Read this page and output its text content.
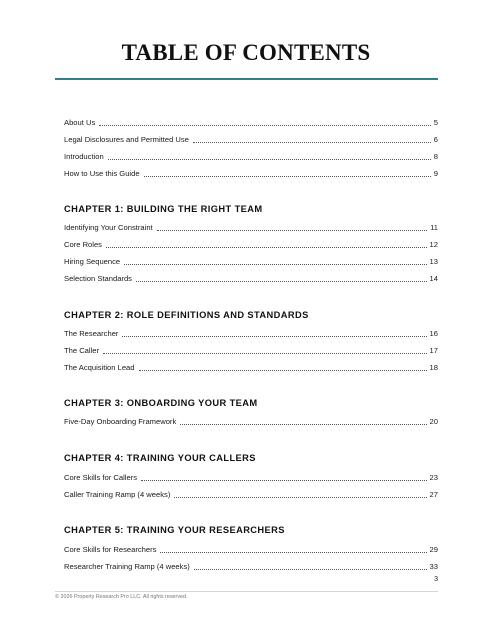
TABLE OF CONTENTS
About Us	5
Legal Disclosures and Permitted Use	6
Introduction	8
How to Use this Guide	9
CHAPTER 1: BUILDING THE RIGHT TEAM
Identifying Your Constraint	11
Core Roles	12
Hiring Sequence	13
Selection Standards	14
CHAPTER 2: ROLE DEFINITIONS AND STANDARDS
The Researcher	16
The Caller	17
The Acquisition Lead	18
CHAPTER 3: ONBOARDING YOUR TEAM
Five-Day Onboarding Framework	20
CHAPTER 4: TRAINING YOUR CALLERS
Core Skills for Callers	23
Caller Training Ramp (4 weeks)	27
CHAPTER 5: TRAINING YOUR RESEARCHERS
Core Skills for Researchers	29
Researcher Training Ramp (4 weeks)	33
3
© 2026 Property Research Pro LLC. All rights reserved.
